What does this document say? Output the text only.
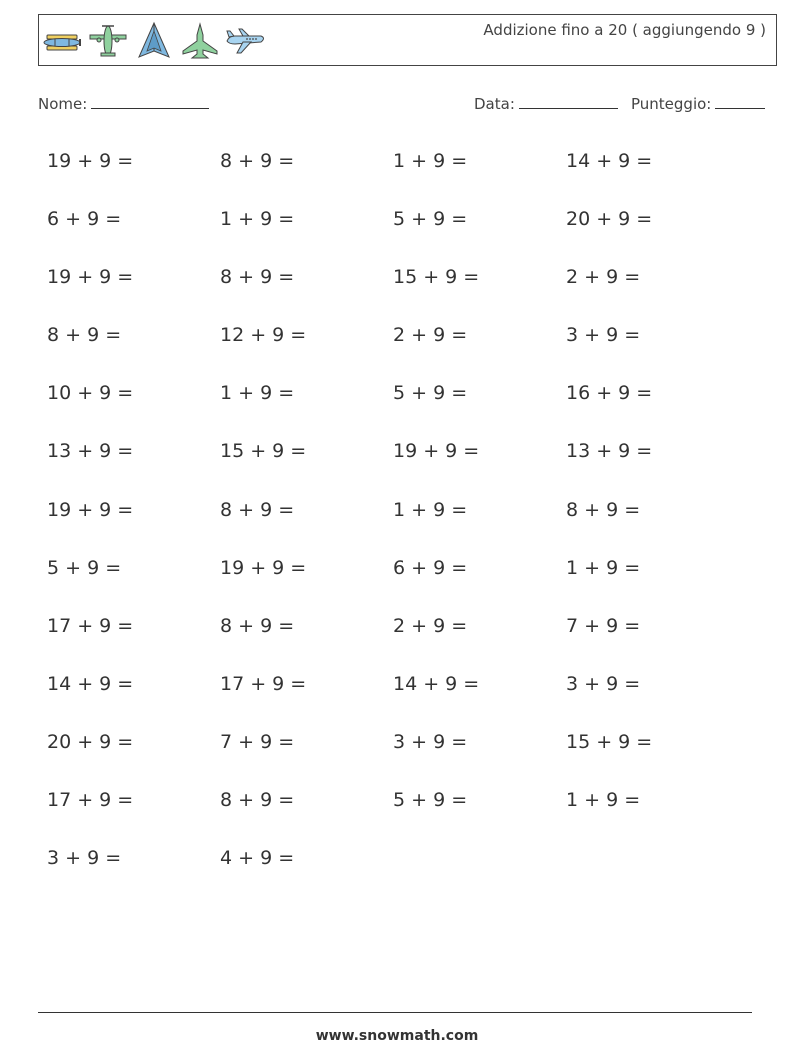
Addizione fino a 20 ( aggiungendo 9 )
Nome:	Data:	Punteggio:
19 + 9 =	8 + 9 =	1 + 9 =	14 + 9 =
6 + 9 =	1 + 9 =	5 + 9 =	20 + 9 =
19 + 9 =	8 + 9 =	15 + 9 =	2 + 9 =
8 + 9 =	12 + 9 =	2 + 9 =	3 + 9 =
10 + 9 =	1 + 9 =	5 + 9 =	16 + 9 =
13 + 9 =	15 + 9 =	19 + 9 =	13 + 9 =
19 + 9 =	8 + 9 =	1 + 9 =	8 + 9 =
5 + 9 =	19 + 9 =	6 + 9 =	1 + 9 =
17 + 9 =	8 + 9 =	2 + 9 =	7 + 9 =
14 + 9 =	17 + 9 =	14 + 9 =	3 + 9 =
20 + 9 =	7 + 9 =	3 + 9 =	15 + 9 =
17 + 9 =	8 + 9 =	5 + 9 =	1 + 9 =
3 + 9 =	4 + 9 =
www.snowmath.com
